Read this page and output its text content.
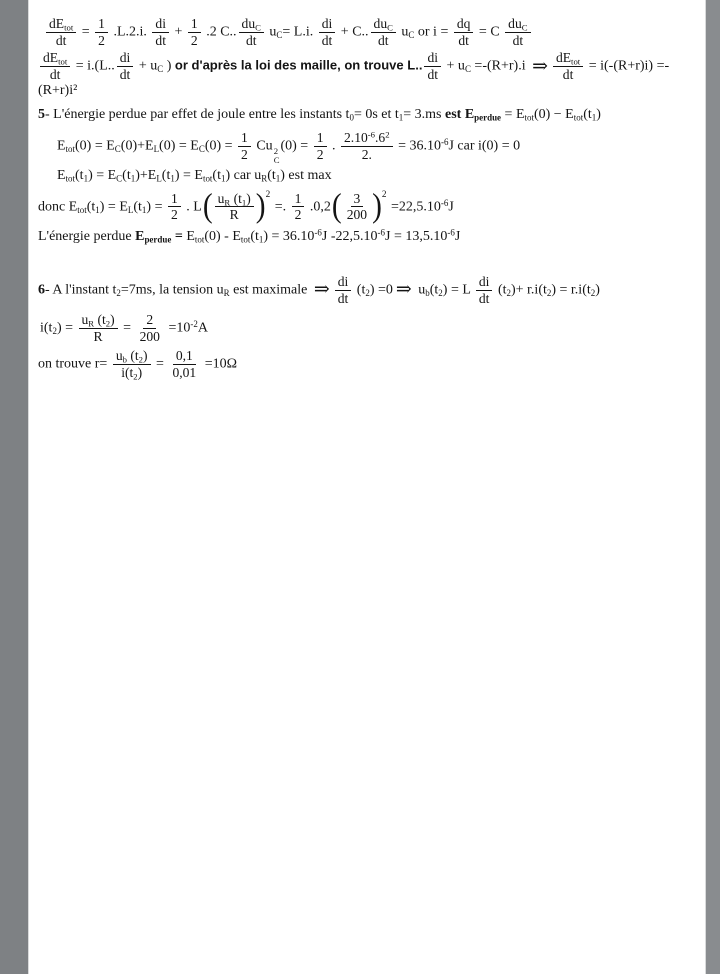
$\frac{dE_{tot}}{dt} = \frac{1}{2} .L.2.i$. $\frac{di}{dt} + \frac{1}{2} .2$ C.. $\frac{du_C}{dt} u_C= L.i$. $\frac{di}{dt} + C$.. $\frac{du_C}{dt} u_C$ or $i = \frac{dq}{dt} = C \frac{du_C}{dt}$
$\frac{dE_{tot}}{dt} = i.(L$.. $\frac{di}{dt} + u_C$ ) or d'après la loi des maille, on trouve L.. $\frac{di}{dt} + u_C =-(R+r).i$ ⇒ $\frac{dE_{tot}}{dt} = i(-(R+r)i) =-(R+r)i^2$
5- L'énergie perdue par effet de joule entre les instants $t_0= 0s$ et $t_1= 3.ms$ est $E_{perdue} = E_{tot}(0) - E_{tot}(t_1)$
$E_{tot}(0) = E_C(0)+E_L(0) = E_C(0) = \frac{1}{2}$ Cu 2
C
$(0) = \frac{1}{2}$ . $\frac{2.10^{-6}.6^2}{2.} = 36.10^{-6}J$ car i(0) = 0
$E_{tot}(t_1) = E_C(t_1)+E_L(t_1) = E_{tot}(t_1)$ car $u_R(t_1)$ est max
donc $E_{tot}(t_1) = E_L(t_1) = \frac{1}{2}$ . L ( $\frac{u_R (t_1)}{R}$ ) 2
=. $\frac{1}{2} .0,2$ ( $\frac{3}{200}$ ) 2
$=22,5.10^{-6}J$
L'énergie perdue $E_{perdue} = E_{tot}(0) - E_{tot}(t_1) = 36.10^{-6}J$ $-22,5.10^{-6}J = 13,5.10^{-6}J$
6- A l'instant $t_2=7ms$, la tension $u_R$ est maximale ⇒ $\frac{di}{dt} (t_2) =0$ ⇒ $u_b(t_2) = L \frac{di}{dt} (t_2)+ r.i(t_2) = r.i(t_2)$
$i(t_2) = \frac{u_R (t_2)}{R} = \frac{2}{200} =10^{-2}A$
on trouve $r= \frac{u_b (t_2)}{i(t_2)} = \frac{0,1}{0,01} =10\Omega$
